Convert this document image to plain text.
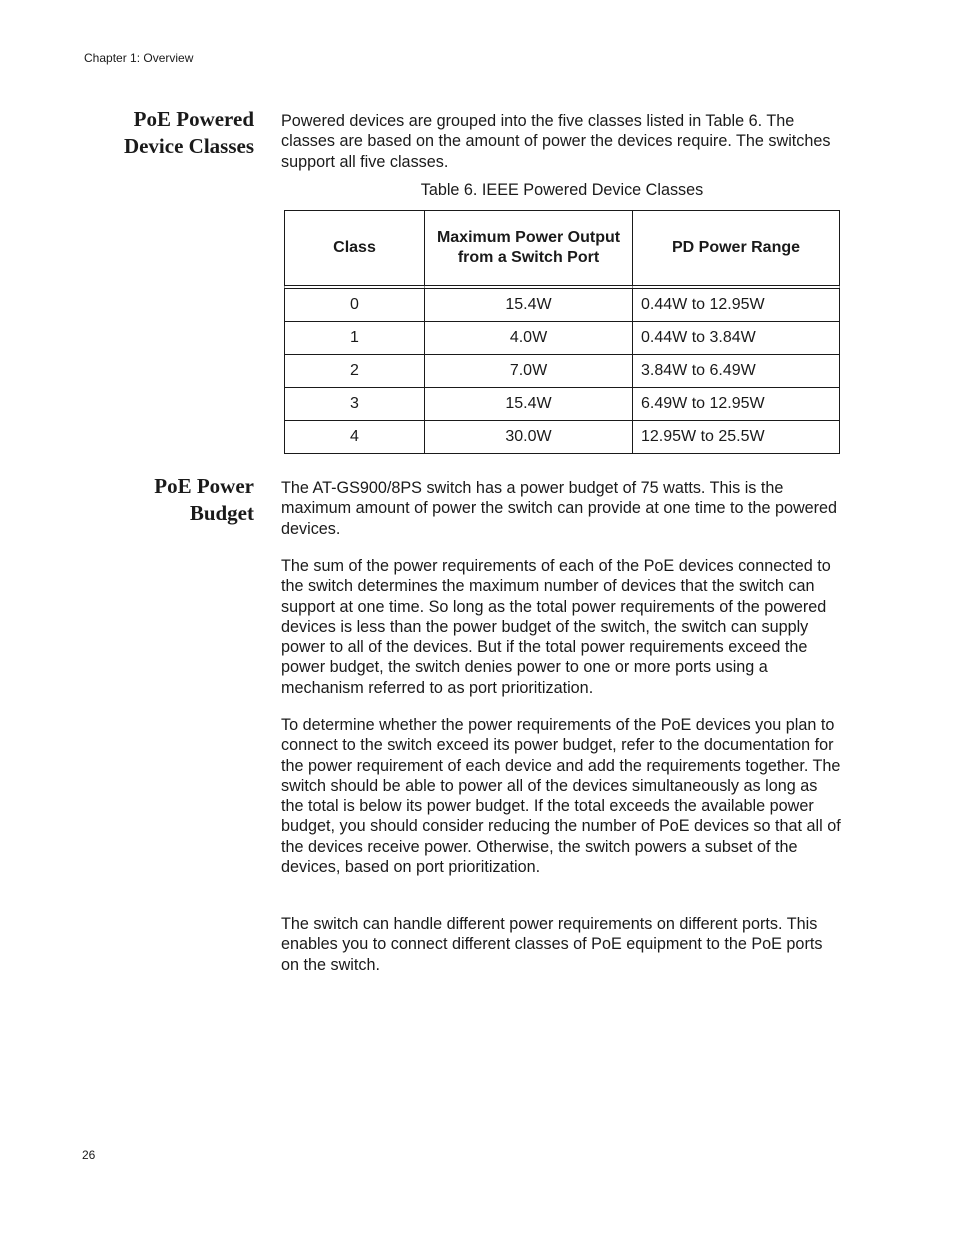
Chapter 1: Overview
PoE Powered
Device Classes

Powered devices are grouped into the five classes listed in Table 6. The classes are based on the amount of power the devices require. The switches support all five classes.

Table 6. IEEE Powered Device Classes
Class	Maximum Power Output from a Switch Port	PD Power Range
0	15.4W	0.44W to 12.95W
1	4.0W	0.44W to 3.84W
2	7.0W	3.84W to 6.49W
3	15.4W	6.49W to 12.95W
4	30.0W	12.95W to 25.5W
PoE Power
Budget

The AT-GS900/8PS switch has a power budget of 75 watts. This is the maximum amount of power the switch can provide at one time to the powered devices.

The sum of the power requirements of each of the PoE devices connected to the switch determines the maximum number of devices that the switch can support at one time. So long as the total power requirements of the powered devices is less than the power budget of the switch, the switch can supply power to all of the devices. But if the total power requirements exceed the power budget, the switch denies power to one or more ports using a mechanism referred to as port prioritization.

To determine whether the power requirements of the PoE devices you plan to connect to the switch exceed its power budget, refer to the documentation for the power requirement of each device and add the requirements together. The switch should be able to power all of the devices simultaneously as long as the total is below its power budget. If the total exceeds the available power budget, you should consider reducing the number of PoE devices so that all of the devices receive power. Otherwise, the switch powers a subset of the devices, based on port prioritization.

The switch can handle different power requirements on different ports. This enables you to connect different classes of PoE equipment to the PoE ports on the switch.

26
